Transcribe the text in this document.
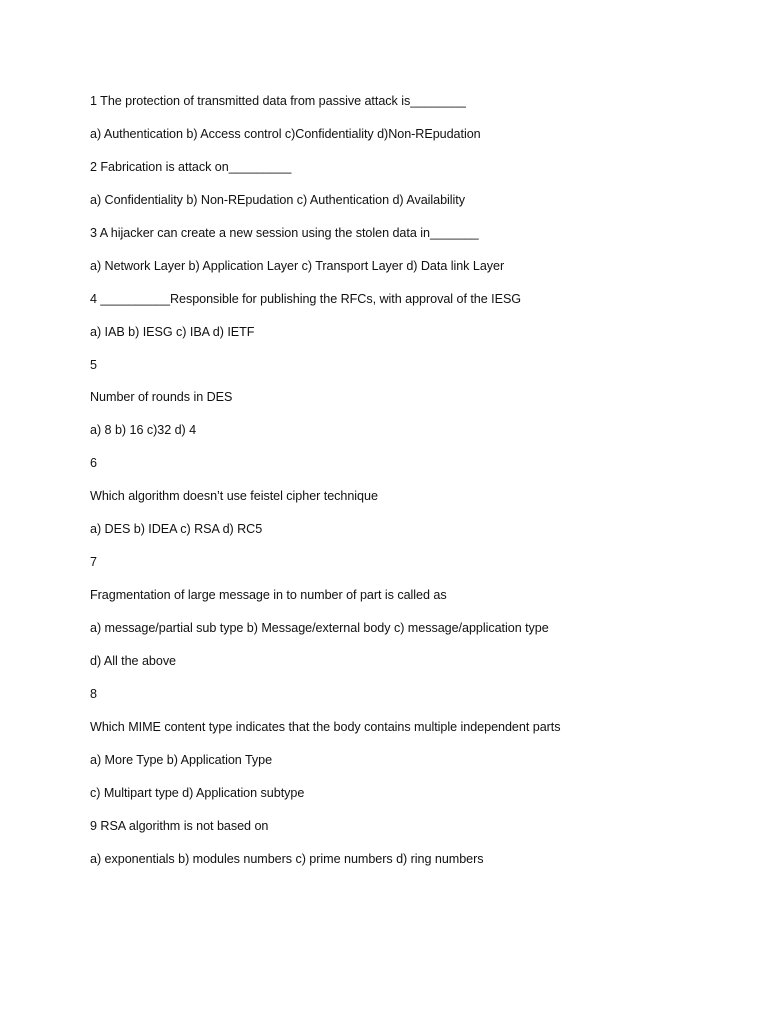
1 The protection of transmitted data from passive attack is________
a) Authentication b) Access control c)Confidentiality d)Non-REpudation
2 Fabrication is attack on_________
a) Confidentiality b) Non-REpudation c) Authentication d) Availability
3 A hijacker can create a new session using the stolen data in_______
a) Network Layer b) Application Layer c) Transport Layer d) Data link Layer
4 __________Responsible for publishing the RFCs, with approval of the IESG
a) IAB b) IESG c) IBA d) IETF
5
Number of rounds in DES
a) 8 b) 16 c)32 d) 4
6
Which algorithm doesn’t use feistel cipher technique
a) DES b) IDEA c) RSA d) RC5
7
Fragmentation of large message in to number of part is called as
a) message/partial sub type b) Message/external body c) message/application type
d) All the above
8
Which MIME content type indicates that the body contains multiple independent parts
a) More Type b) Application Type
c) Multipart type d) Application subtype
9 RSA algorithm is not based on
a) exponentials b) modules numbers c) prime numbers d) ring numbers
